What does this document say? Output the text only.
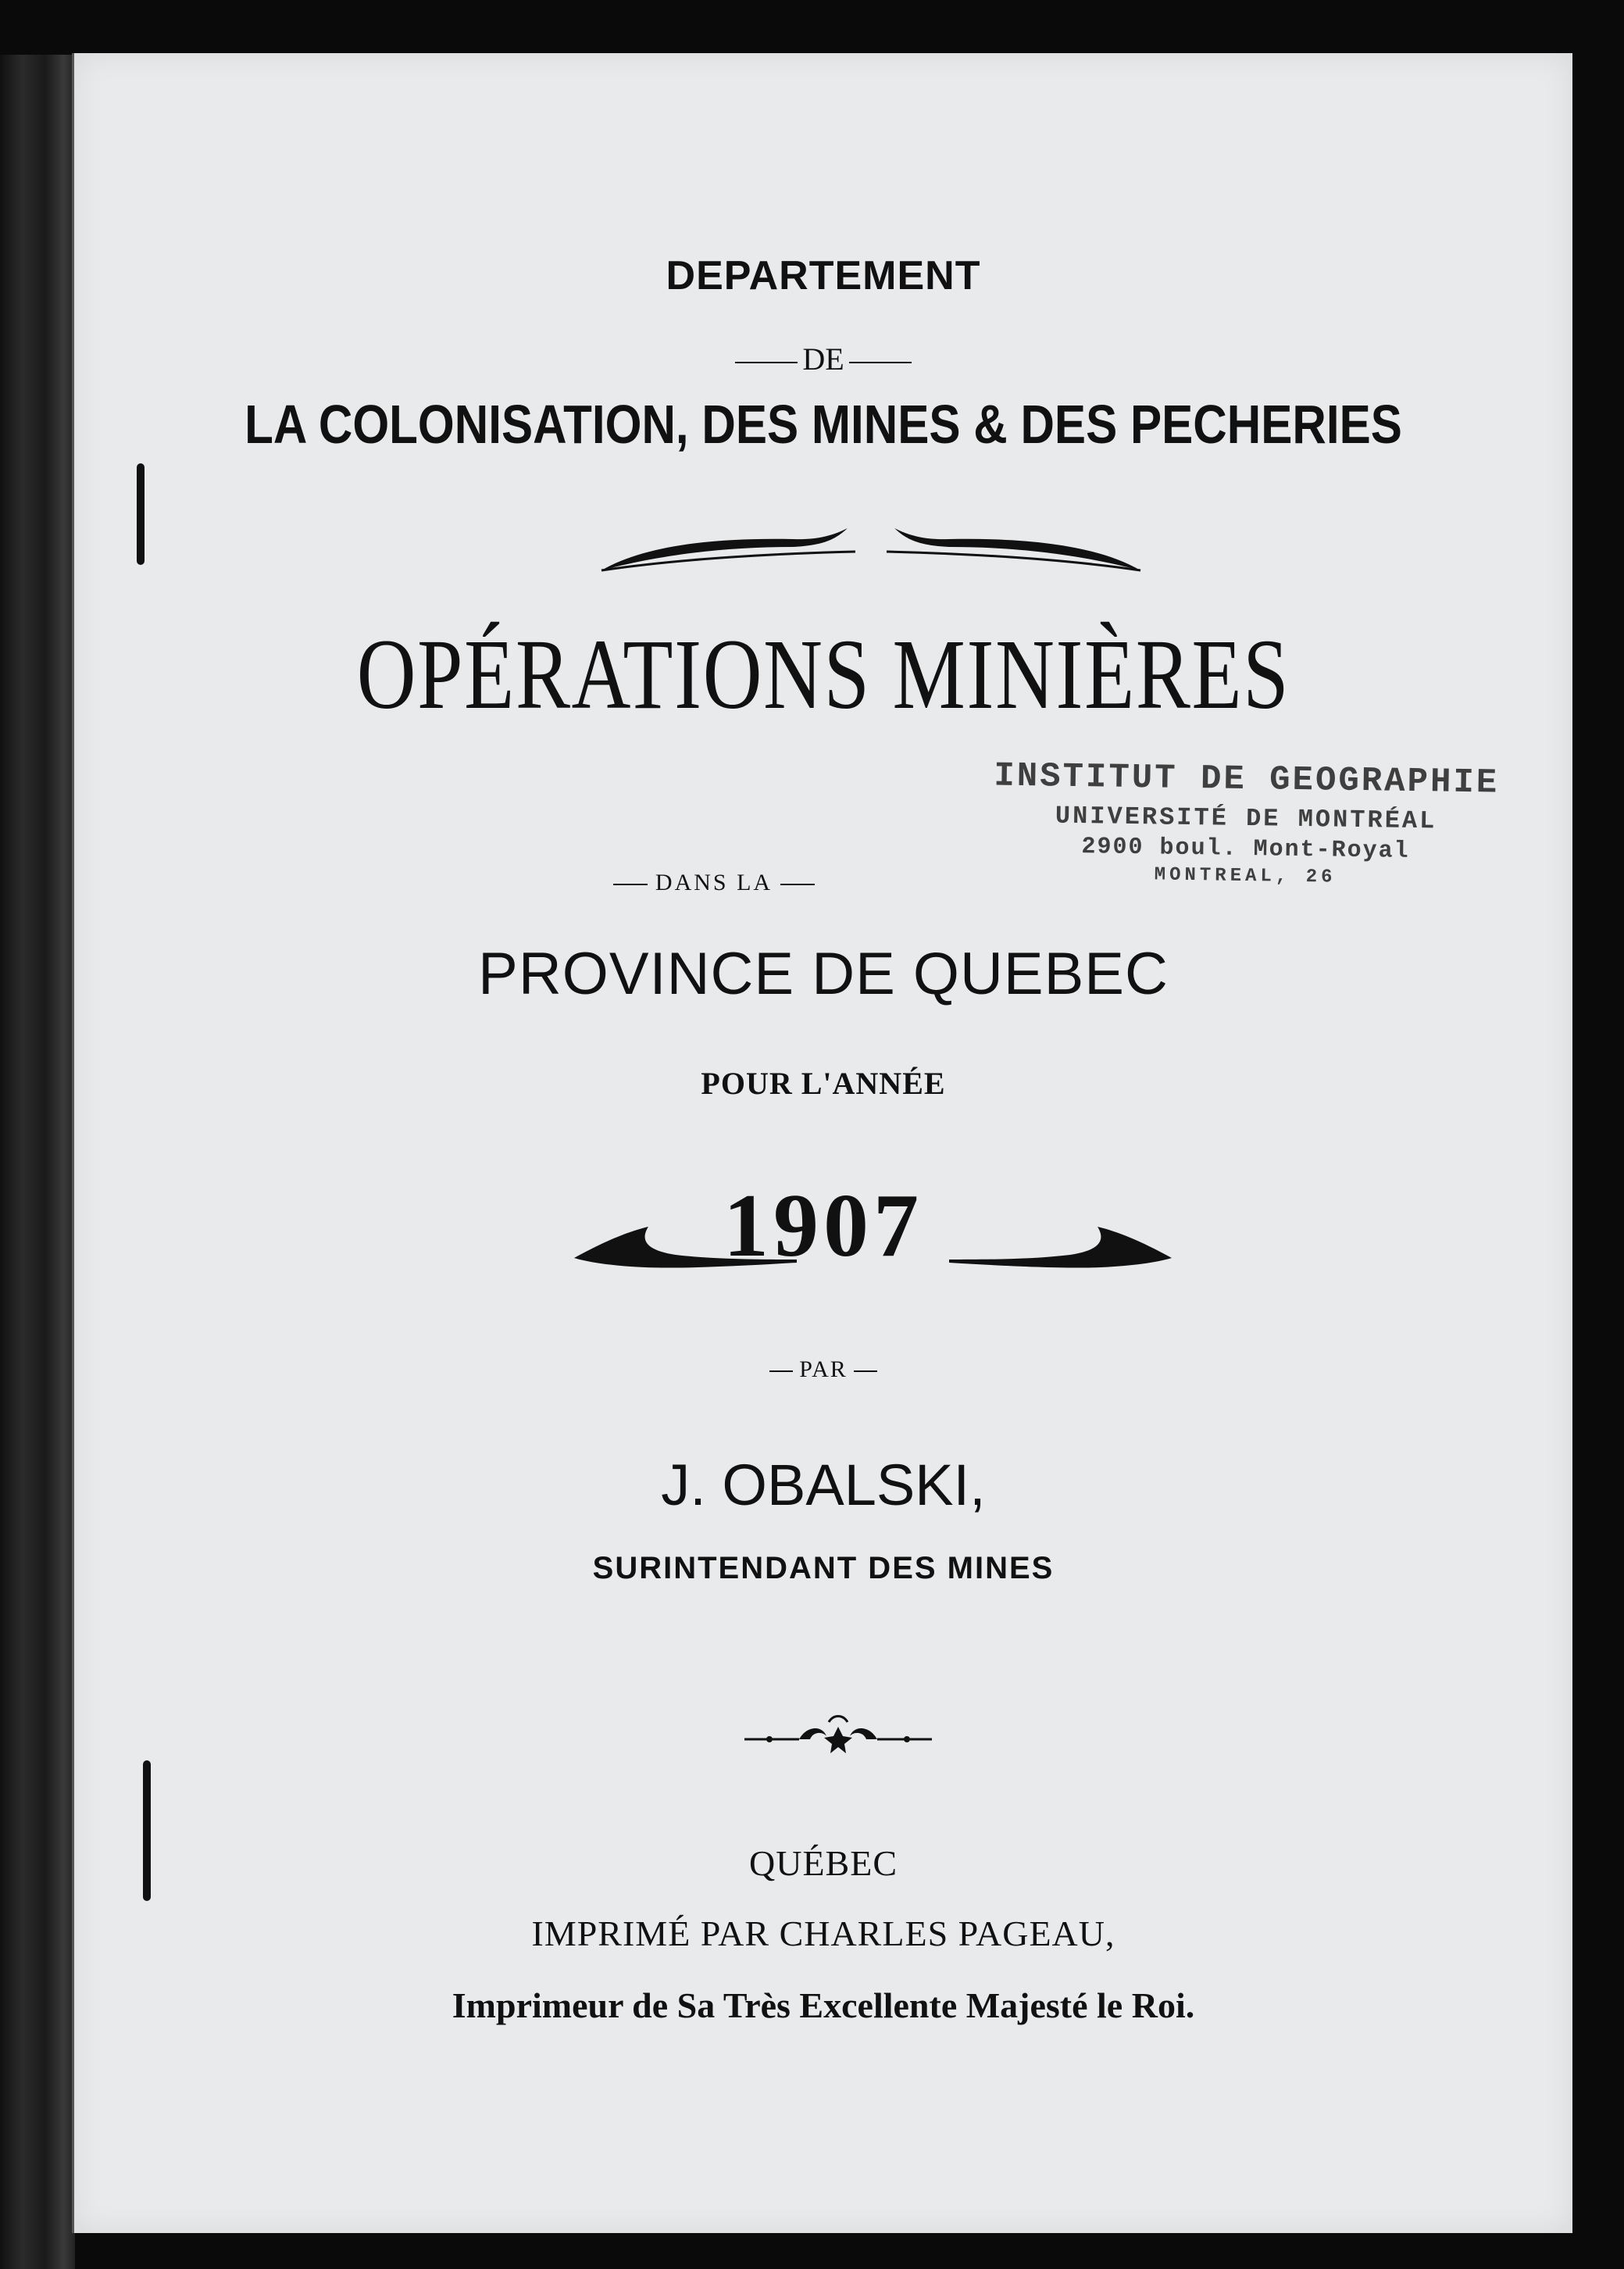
DEPARTEMENT
DE
LA COLONISATION, DES MINES & DES PECHERIES
OPÉRATIONS MINIÈRES
DANS LA
INSTITUT DE GEOGRAPHIE
UNIVERSITÉ DE MONTRÉAL
2900 boul. Mont-Royal
MONTREAL, 26
PROVINCE DE QUEBEC
POUR L'ANNÉE
1907
PAR
J. OBALSKI,
SURINTENDANT DES MINES
QUÉBEC
IMPRIMÉ PAR CHARLES PAGEAU,
Imprimeur de Sa Très Excellente Majesté le Roi.
